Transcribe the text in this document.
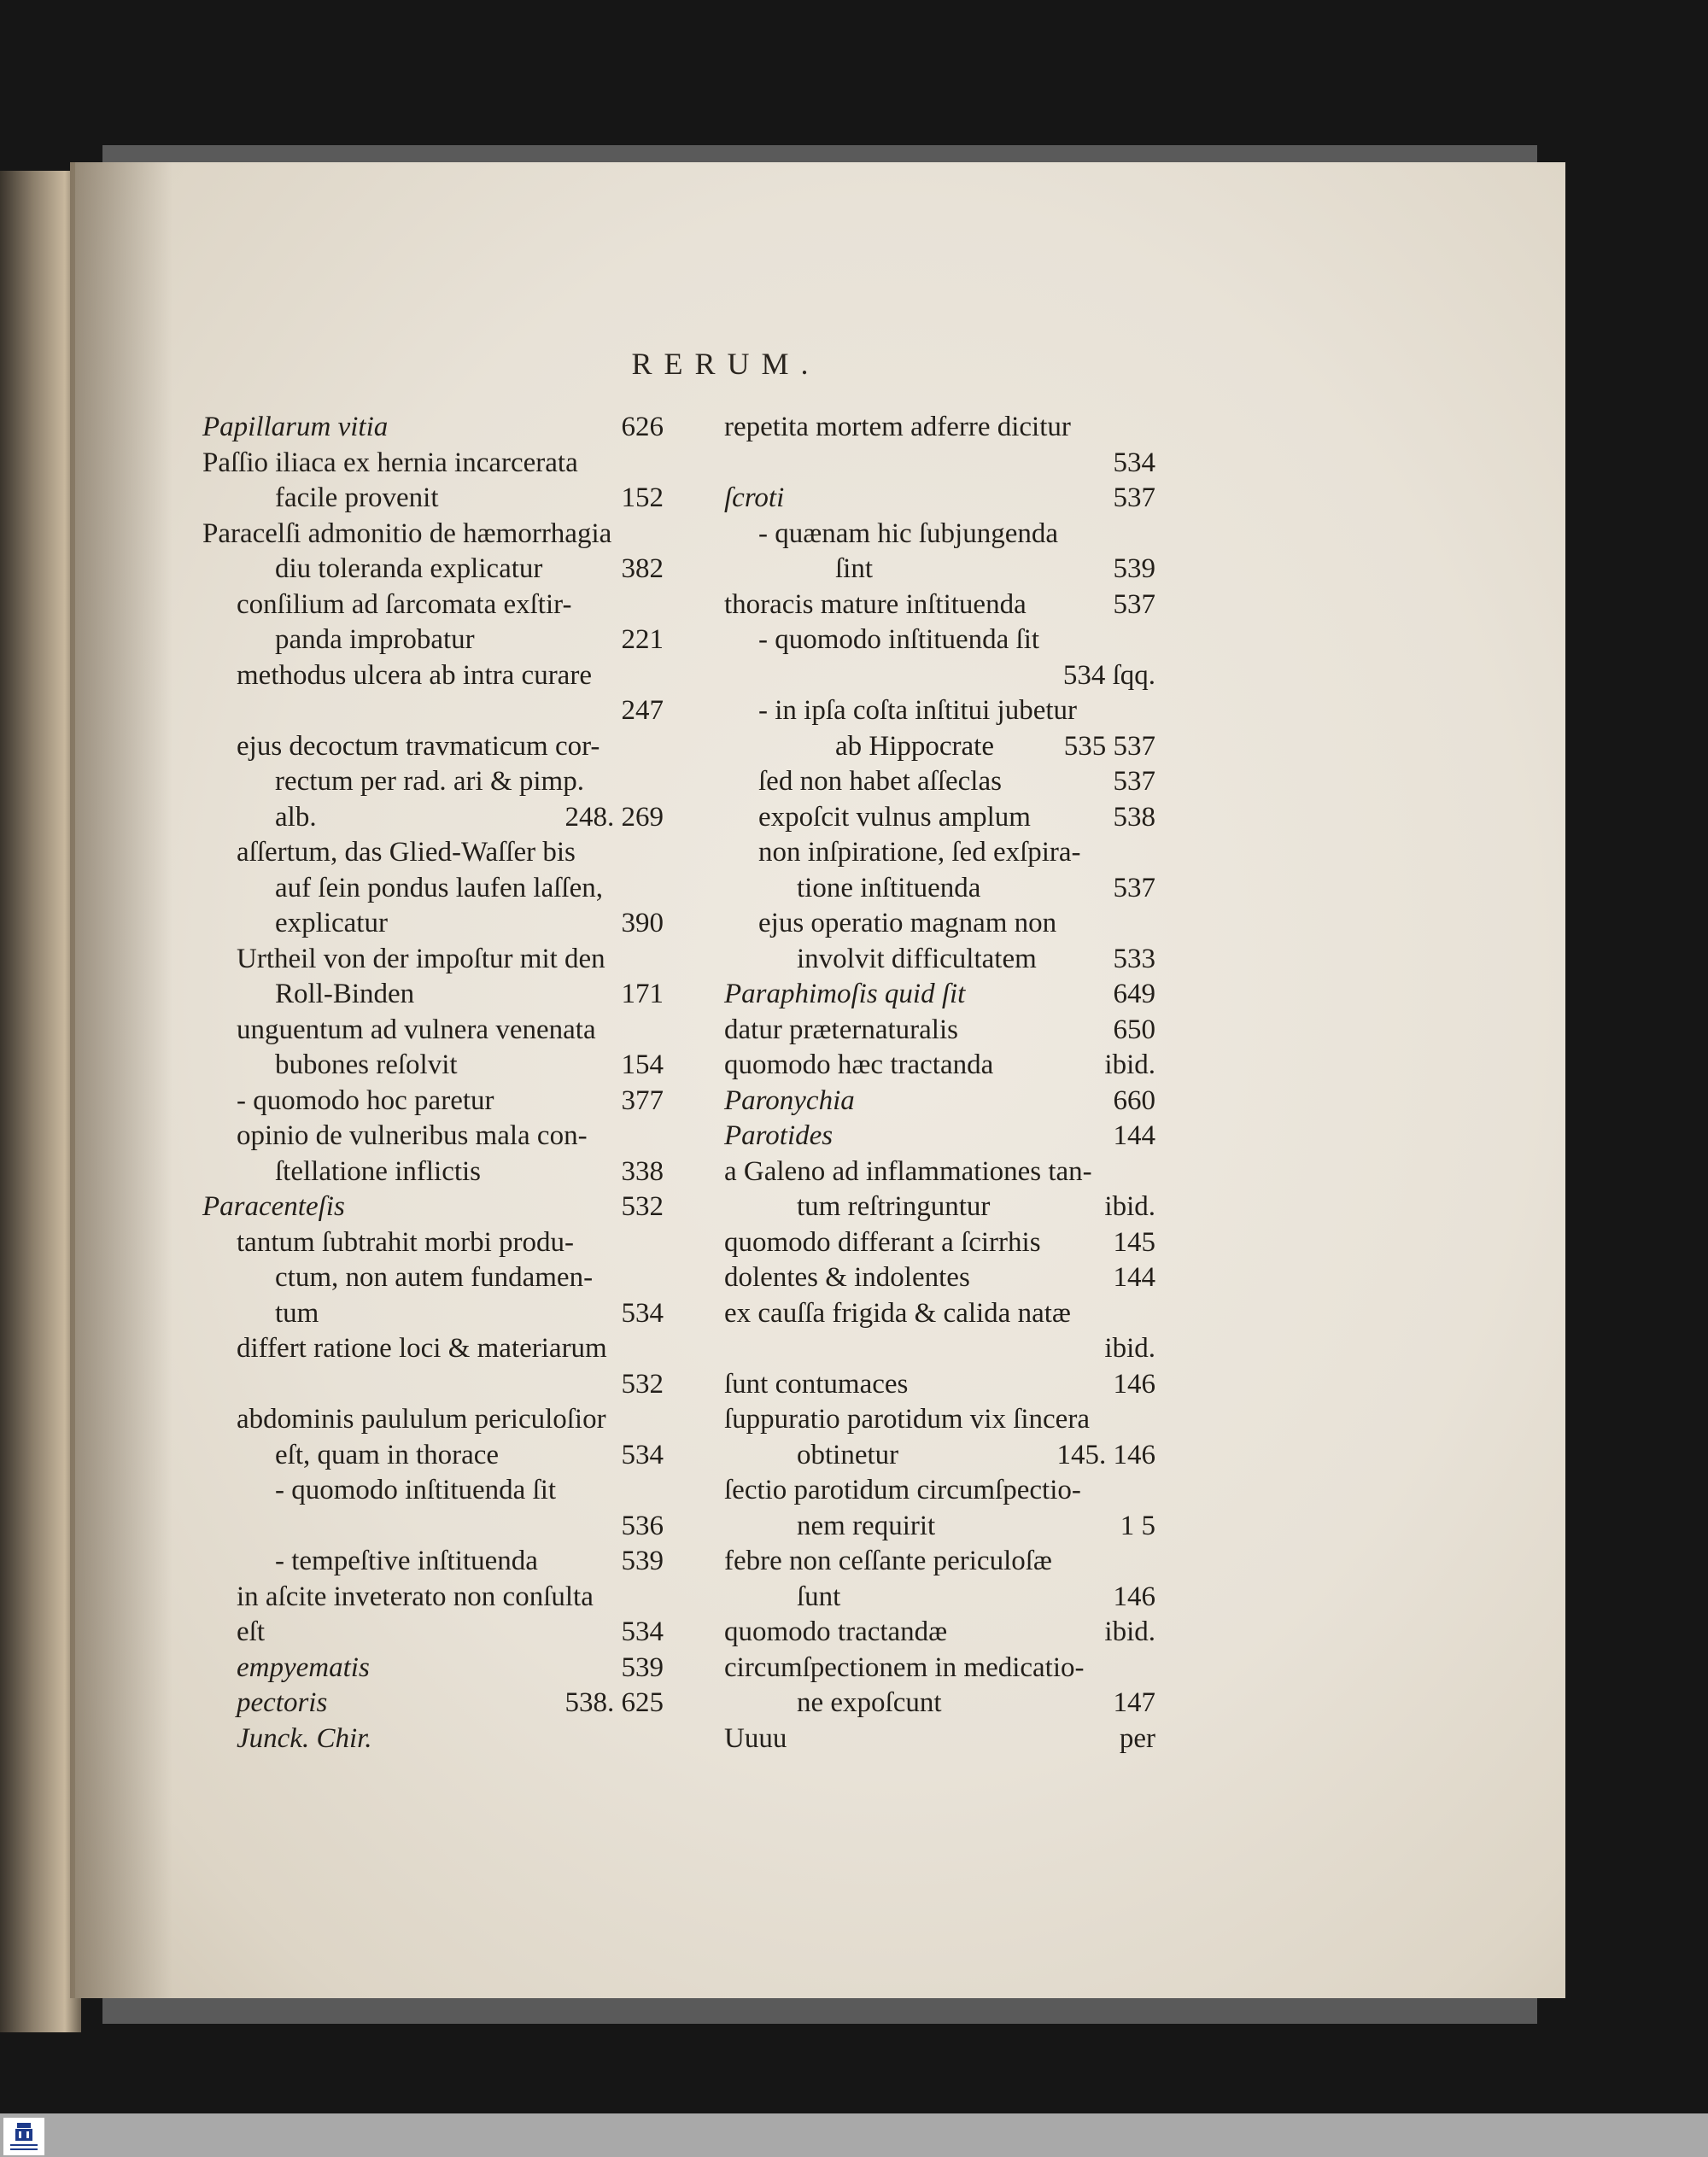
RERUM.
Papillarum vitia	626
Paſſio iliaca ex hernia incarcerata
facile provenit	152
Paracelſi admonitio de hæmorrhagia
diu toleranda explicatur	382
conſilium ad ſarcomata exſtir-
panda improbatur	221
methodus ulcera ab intra curare
247
ejus decoctum travmaticum cor-
rectum per rad. ari & pimp.
alb.	248. 269
aſſertum, das Glied-Waſſer bis
auf ſein pondus laufen laſſen,
explicatur	390
Urtheil von der impoſtur mit den
Roll-Binden	171
unguentum ad vulnera venenata
bubones reſolvit	154
- quomodo hoc paretur	377
opinio de vulneribus mala con-
ſtellatione inflictis	338
Paracenteſis	532
tantum ſubtrahit morbi produ-
ctum, non autem fundamen-
tum	534
differt ratione loci & materiarum
532
abdominis paululum periculoſior
eſt, quam in thorace	534
- quomodo inſtituenda ſit
536
- tempeſtive inſtituenda	539
in aſcite inveterato non conſulta
eſt	534
empyematis	539
pectoris	538. 625
Junck. Chir.
repetita mortem adferre dicitur
534
ſcroti	537
- quænam hic ſubjungenda
ſint	539
thoracis mature inſtituenda	537
- quomodo inſtituenda ſit
534 ſqq.
- in ipſa coſta inſtitui jubetur
ab Hippocrate 535 537
ſed non habet aſſeclas	537
expoſcit vulnus amplum	538
non inſpiratione, ſed exſpira-
tione inſtituenda	537
ejus operatio magnam non
involvit difficultatem	533
Paraphimoſis quid ſit	649
datur præternaturalis	650
quomodo hæc tractanda	ibid.
Paronychia	660
Parotides	144
a Galeno ad inflammationes tan-
tum reſtringuntur	ibid.
quomodo differant a ſcirrhis	145
dolentes & indolentes	144
ex cauſſa frigida & calida natæ
ibid.
ſunt contumaces	146
ſuppuratio parotidum vix ſincera
obtinetur	145. 146
ſectio parotidum circumſpectio-
nem requirit	1 5
febre non ceſſante periculoſæ
ſunt	146
quomodo tractandæ	ibid.
circumſpectionem in medicatio-
ne expoſcunt	147
Uuuu	per
